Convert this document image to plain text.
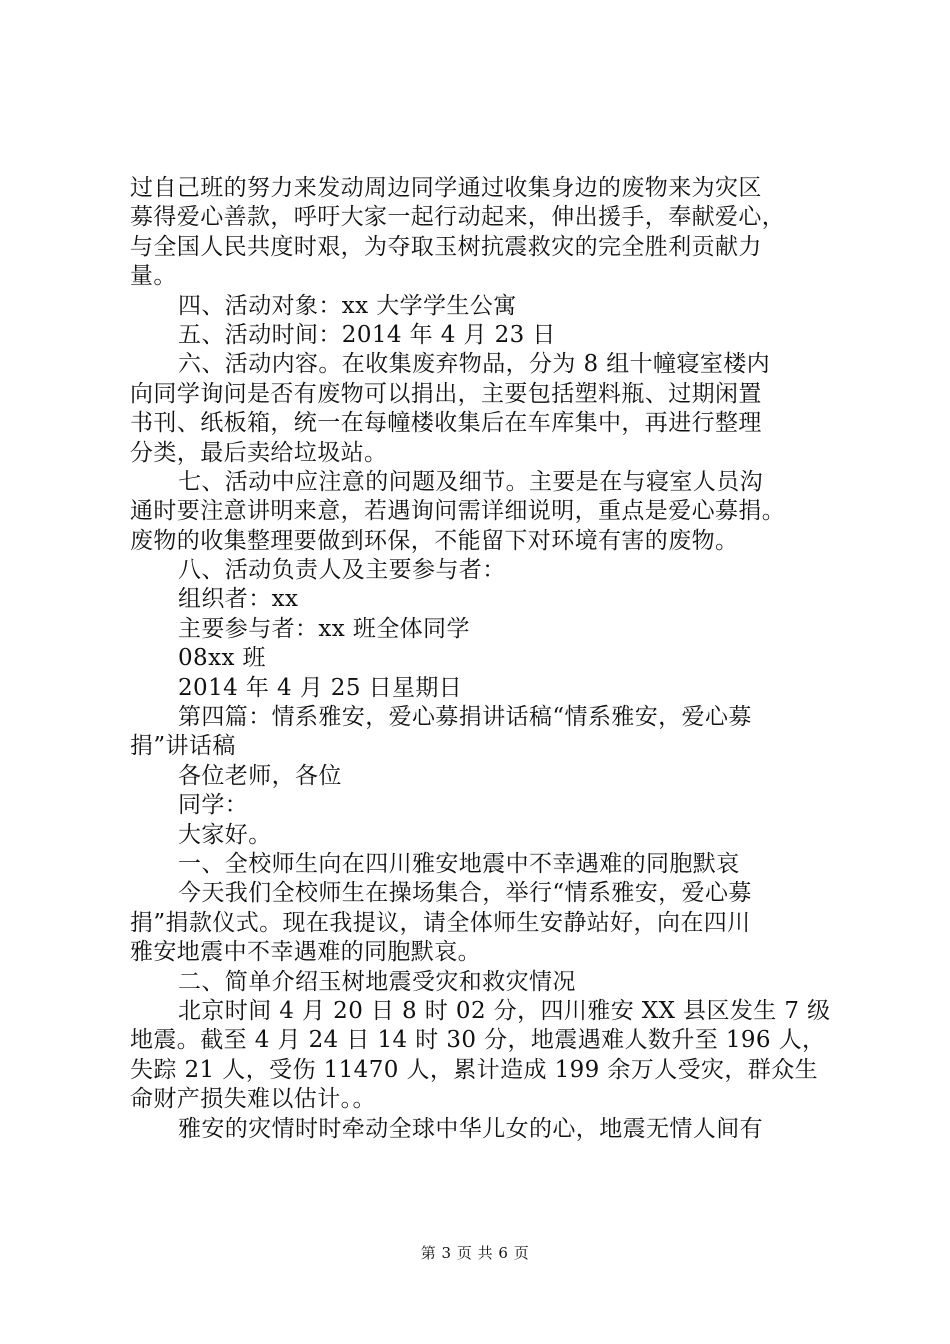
过自己班的努力来发动周边同学通过收集身边的废物来为灾区
募得爱心善款，呼吁大家一起行动起来，伸出援手，奉献爱心，
与全国人民共度时艰，为夺取玉树抗震救灾的完全胜利贡献力
量。
四、活动对象：xx 大学学生公寓
五、活动时间：2014 年 4 月 23 日
六、活动内容。在收集废弃物品，分为 8 组十幢寝室楼内
向同学询问是否有废物可以捐出，主要包括塑料瓶、过期闲置
书刊、纸板箱，统一在每幢楼收集后在车库集中，再进行整理
分类，最后卖给垃圾站。
七、活动中应注意的问题及细节。主要是在与寝室人员沟
通时要注意讲明来意，若遇询问需详细说明，重点是爱心募捐。
废物的收集整理要做到环保，不能留下对环境有害的废物。
八、活动负责人及主要参与者：
组织者：xx
主要参与者：xx 班全体同学
08xx 班
2014 年 4 月 25 日星期日
第四篇：情系雅安，爱心募捐讲话稿“情系雅安，爱心募
捐”讲话稿
各位老师，各位
同学：
大家好。
一、全校师生向在四川雅安地震中不幸遇难的同胞默哀
今天我们全校师生在操场集合，举行“情系雅安，爱心募
捐”捐款仪式。现在我提议，请全体师生安静站好，向在四川
雅安地震中不幸遇难的同胞默哀。
二、简单介绍玉树地震受灾和救灾情况
北京时间 4 月 20 日 8 时 02 分，四川雅安 XX 县区发生 7 级
地震。截至 4 月 24 日 14 时 30 分，地震遇难人数升至 196 人，
失踪 21 人，受伤 11470 人，累计造成 199 余万人受灾，群众生
命财产损失难以估计。。
雅安的灾情时时牵动全球中华儿女的心，地震无情人间有
第 3 页 共 6 页
